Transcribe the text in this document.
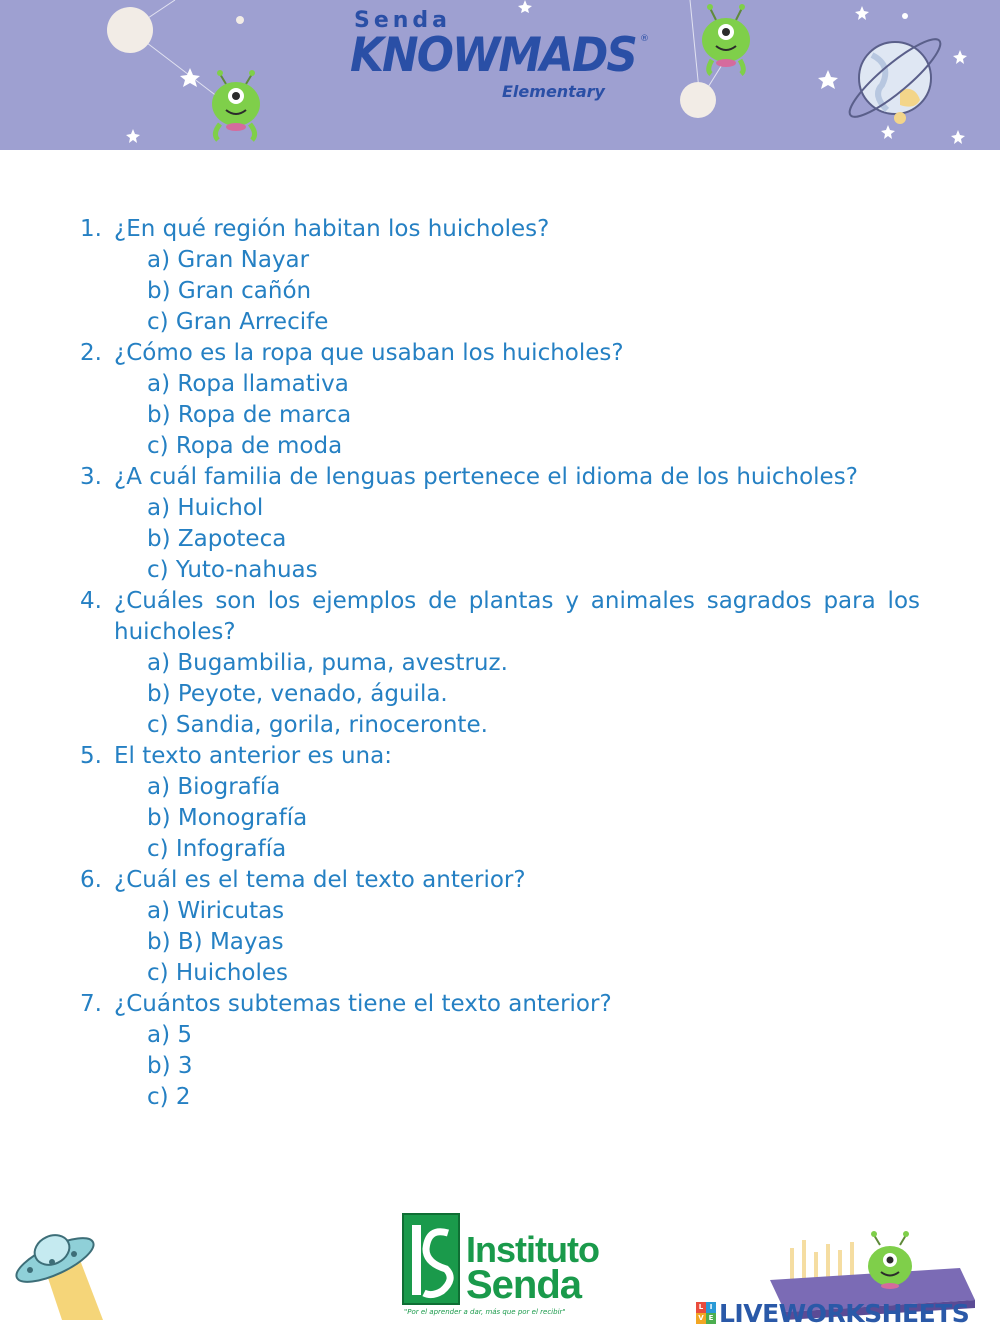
Senda
KNOWMADS ®
Elementary
1. ¿En qué región habitan los huicholes?
a) Gran Nayar
b) Gran cañón
c) Gran Arrecife
2. ¿Cómo es la ropa que usaban los huicholes?
a) Ropa llamativa
b) Ropa de marca
c) Ropa de moda
3. ¿A cuál familia de lenguas pertenece el idioma de los huicholes?
a) Huichol
b) Zapoteca
c) Yuto-nahuas
4. ¿Cuáles son los ejemplos de plantas y animales sagrados para los huicholes?
a) Bugambilia, puma, avestruz.
b) Peyote, venado, águila.
c) Sandia, gorila, rinoceronte.
5. El texto anterior es una:
a) Biografía
b) Monografía
c) Infografía
6. ¿Cuál es el tema del texto anterior?
a) Wiricutas
b) B) Mayas
c) Huicholes
7. ¿Cuántos subtemas tiene el texto anterior?
a) 5
b) 3
c) 2
Instituto
Senda
"Por el aprender a dar, más que por el recibir"
L I
V E LIVEWORKSHEETS
